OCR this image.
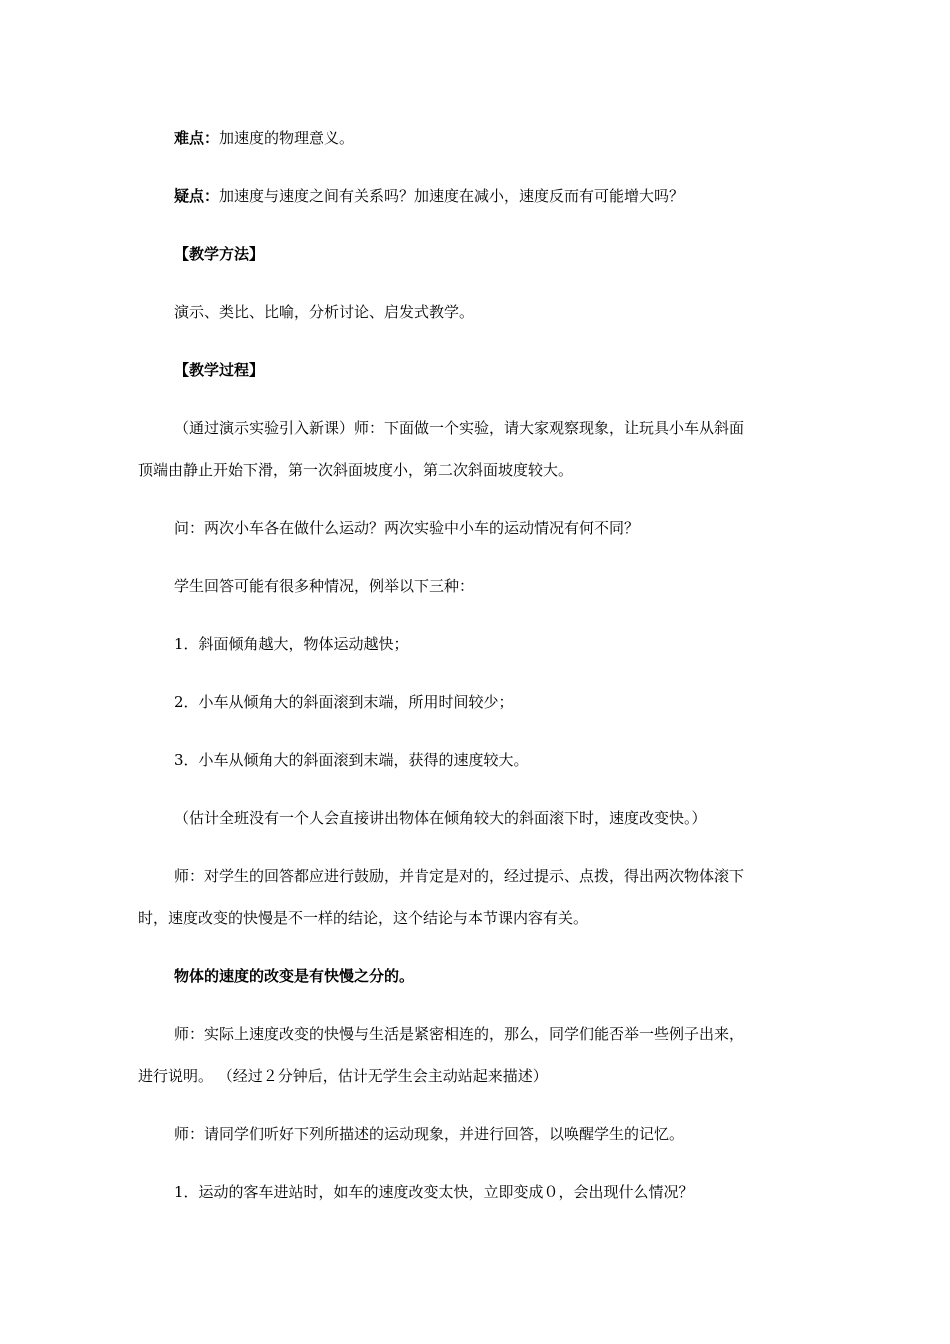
难点：加速度的物理意义。
疑点：加速度与速度之间有关系吗？加速度在减小，速度反而有可能增大吗？
【教学方法】
演示、类比、比喻，分析讨论、启发式教学。
【教学过程】
（通过演示实验引入新课）师：下面做一个实验，请大家观察现象，让玩具小车从斜面
顶端由静止开始下滑，第一次斜面坡度小，第二次斜面坡度较大。
问：两次小车各在做什么运动？两次实验中小车的运动情况有何不同？
学生回答可能有很多种情况，例举以下三种：
1．斜面倾角越大，物体运动越快；
2．小车从倾角大的斜面滚到末端，所用时间较少；
3．小车从倾角大的斜面滚到末端，获得的速度较大。
（估计全班没有一个人会直接讲出物体在倾角较大的斜面滚下时，速度改变快。）
师：对学生的回答都应进行鼓励，并肯定是对的，经过提示、点拨，得出两次物体滚下
时，速度改变的快慢是不一样的结论，这个结论与本节课内容有关。
物体的速度的改变是有快慢之分的。
师：实际上速度改变的快慢与生活是紧密相连的，那么，同学们能否举一些例子出来，
进行说明。 （经过２分钟后，估计无学生会主动站起来描述）
师：请同学们听好下列所描述的运动现象，并进行回答，以唤醒学生的记忆。
1．运动的客车进站时，如车的速度改变太快，立即变成０，会出现什么情况？
